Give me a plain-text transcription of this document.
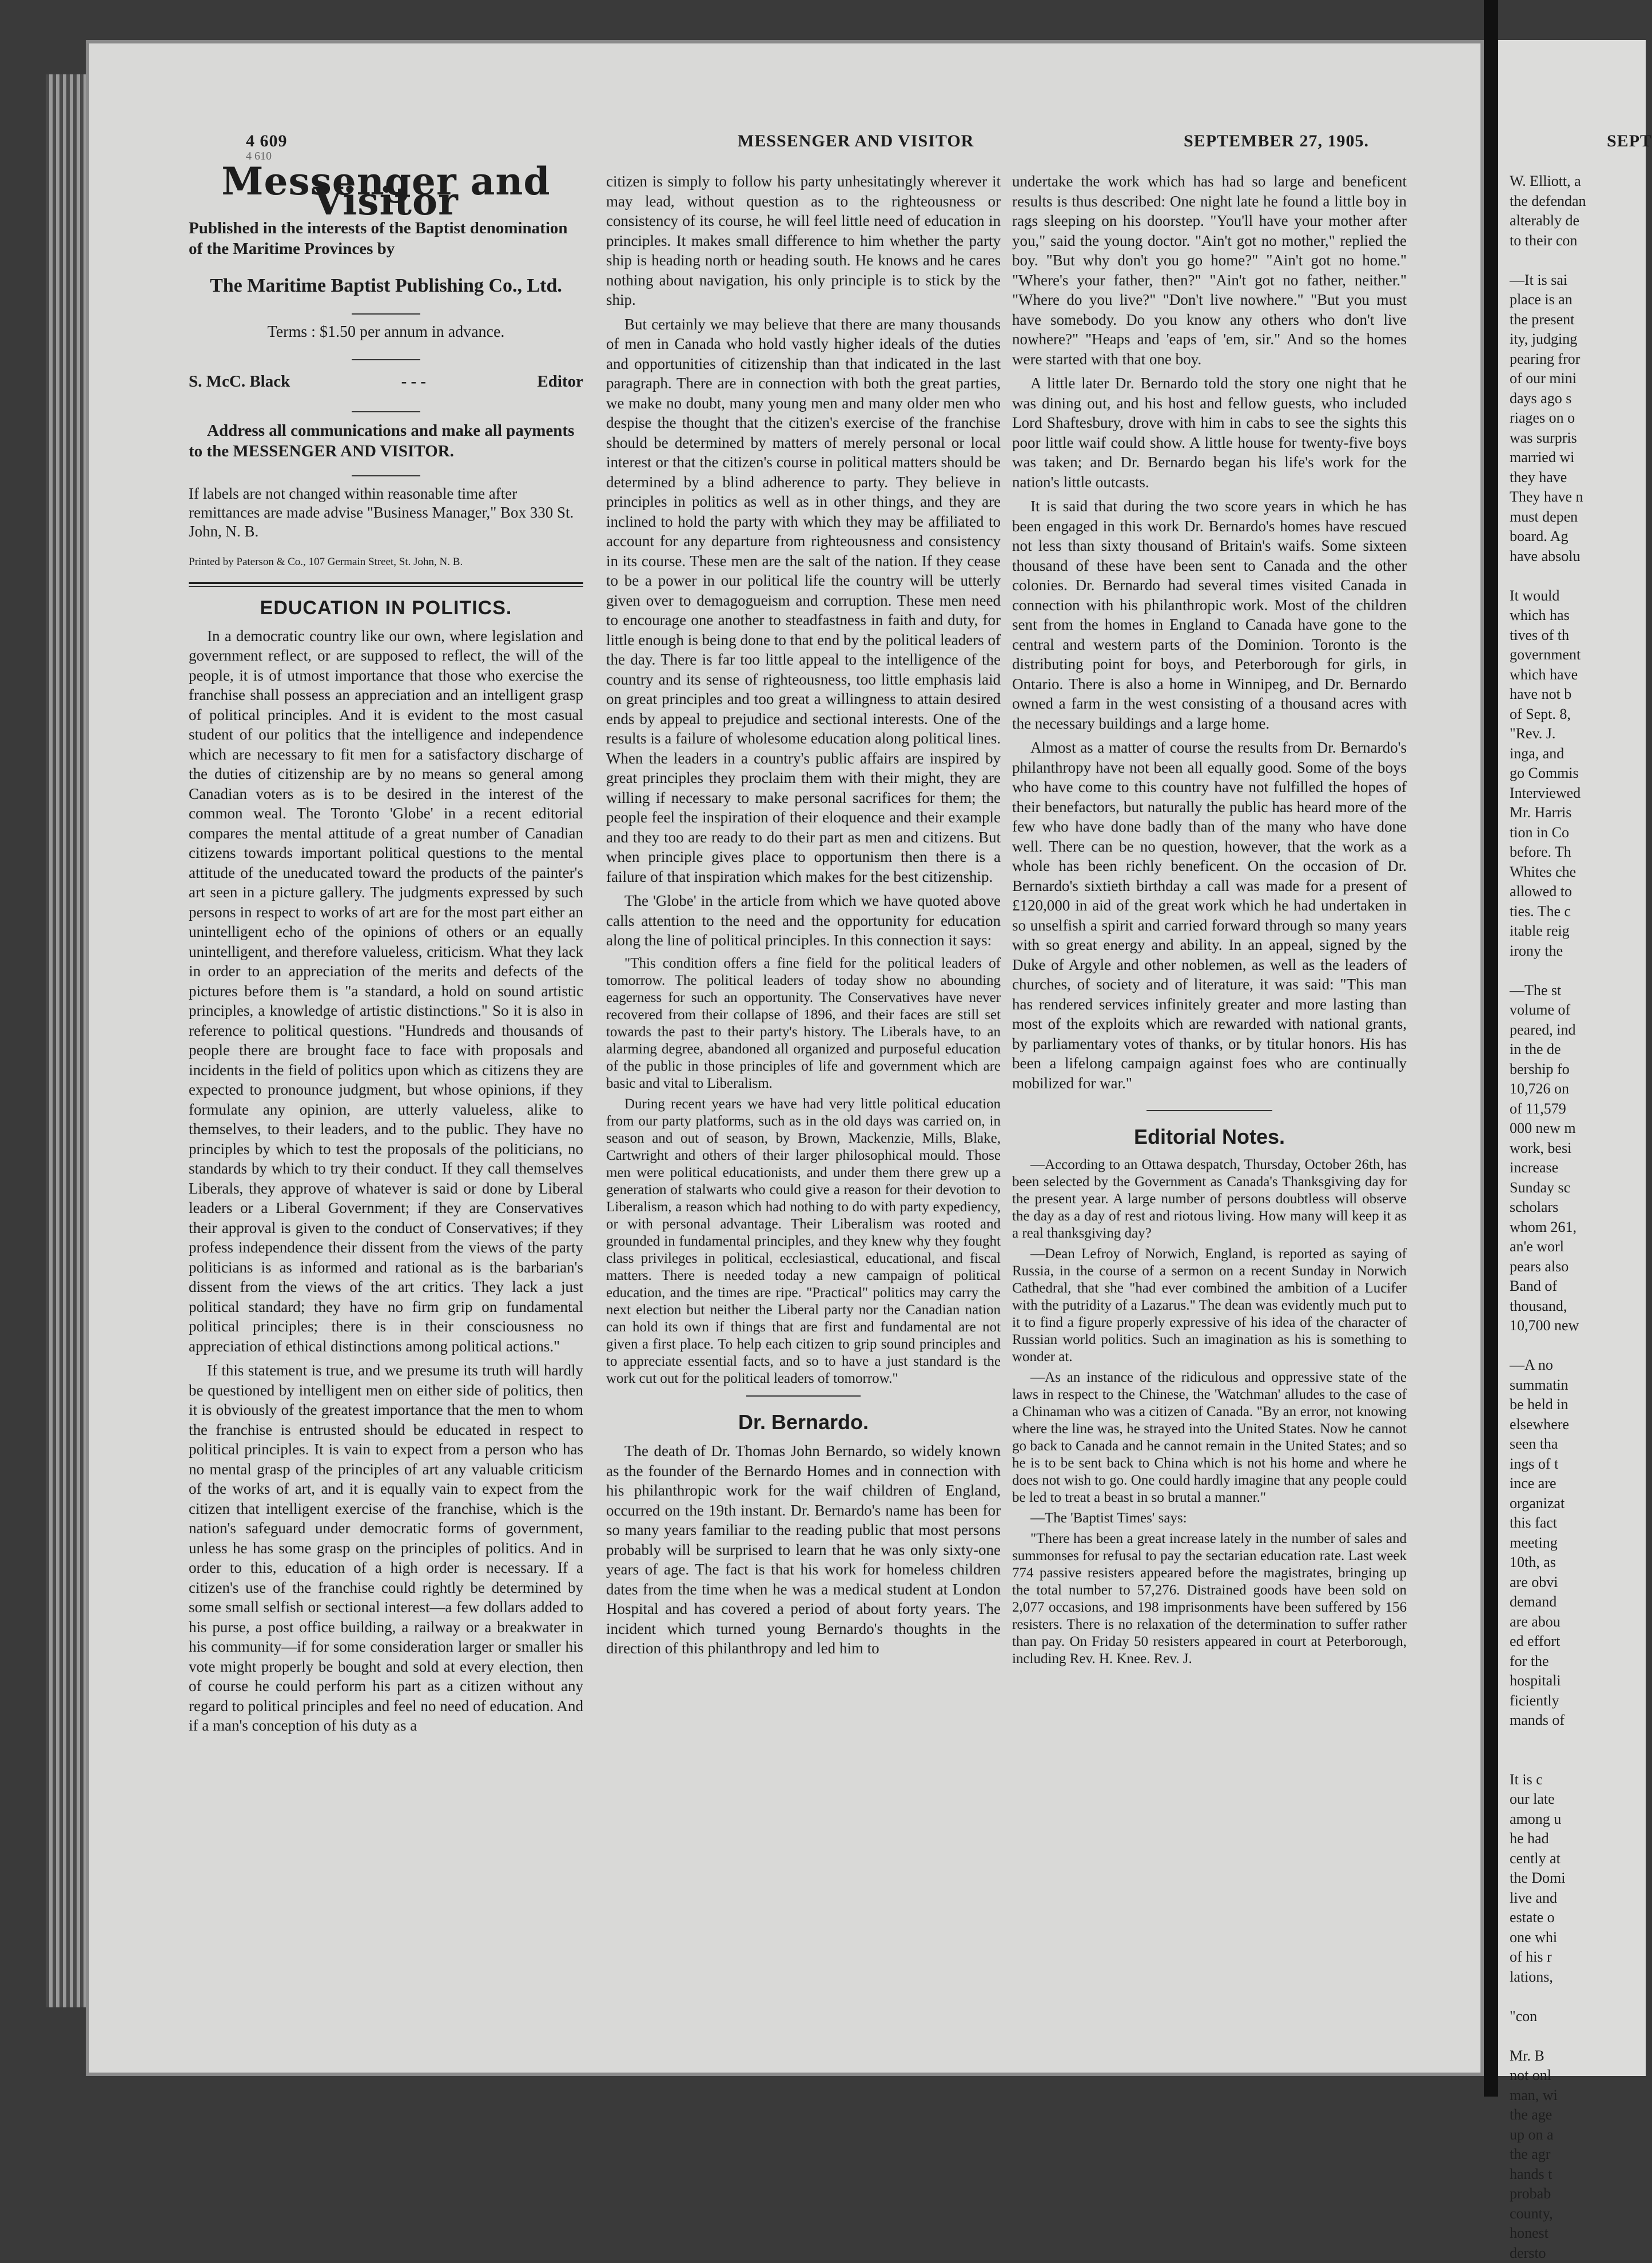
4 609	MESSENGER AND VISITOR	SEPTEMBER 27, 1905.	SEPT
4 610
Messenger and Visitor
Published in the interests of the Baptist denomination of the Maritime Provinces by
The Maritime Baptist Publishing Co., Ltd.
Terms : $1.50 per annum in advance.
S. McC. Black	- - -	Editor
Address all communications and make all payments to the MESSENGER AND VISITOR.
If labels are not changed within reasonable time after remittances are made advise "Business Manager," Box 330 St. John, N. B.
Printed by Paterson & Co., 107 Germain Street, St. John, N. B.
EDUCATION IN POLITICS.

In a democratic country like our own, where legislation and government reflect, or are supposed to reflect, the will of the people, it is of utmost importance that those who exercise the franchise shall possess an appreciation and an intelligent grasp of political principles. And it is evident to the most casual student of our politics that the intelligence and independence which are necessary to fit men for a satisfactory discharge of the duties of citizenship are by no means so general among Canadian voters as is to be desired in the interest of the common weal. The Toronto 'Globe' in a recent editorial compares the mental attitude of a great number of Canadian citizens towards important political questions to the mental attitude of the uneducated toward the products of the painter's art seen in a picture gallery. The judgments expressed by such persons in respect to works of art are for the most part either an unintelligent echo of the opinions of others or an equally unintelligent, and therefore valueless, criticism. What they lack in order to an appreciation of the merits and defects of the pictures before them is "a standard, a hold on sound artistic principles, a knowledge of artistic distinctions." So it is also in reference to political questions. "Hundreds and thousands of people there are brought face to face with proposals and incidents in the field of politics upon which as citizens they are expected to pronounce judgment, but whose opinions, if they formulate any opinion, are utterly valueless, alike to themselves, to their leaders, and to the public. They have no principles by which to test the proposals of the politicians, no standards by which to try their conduct. If they call themselves Liberals, they approve of whatever is said or done by Liberal leaders or a Liberal Government; if they are Conservatives their approval is given to the conduct of Conservatives; if they profess independence their dissent from the views of the party politicians is as informed and rational as is the barbarian's dissent from the views of the art critics. They lack a just political standard; they have no firm grip on fundamental political principles; there is in their consciousness no appreciation of ethical distinctions among political actions."

If this statement is true, and we presume its truth will hardly be questioned by intelligent men on either side of politics, then it is obviously of the greatest importance that the men to whom the franchise is entrusted should be educated in respect to political principles. It is vain to expect from a person who has no mental grasp of the principles of art any valuable criticism of the works of art, and it is equally vain to expect from the citizen that intelligent exercise of the franchise, which is the nation's safeguard under democratic forms of government, unless he has some grasp on the principles of politics. And in order to this, education of a high order is necessary. If a citizen's use of the franchise could rightly be determined by some small selfish or sectional interest—a few dollars added to his purse, a post office building, a railway or a breakwater in his community—if for some consideration larger or smaller his vote might properly be bought and sold at every election, then of course he could perform his part as a citizen without any regard to political principles and feel no need of education. And if a man's conception of his duty as a

citizen is simply to follow his party unhesitatingly wherever it may lead, without question as to the righteousness or consistency of its course, he will feel little need of education in principles. It makes small difference to him whether the party ship is heading north or heading south. He knows and he cares nothing about navigation, his only principle is to stick by the ship.

But certainly we may believe that there are many thousands of men in Canada who hold vastly higher ideals of the duties and opportunities of citizenship than that indicated in the last paragraph. There are in connection with both the great parties, we make no doubt, many young men and many older men who despise the thought that the citizen's exercise of the franchise should be determined by matters of merely personal or local interest or that the citizen's course in political matters should be determined by a blind adherence to party. They believe in principles in politics as well as in other things, and they are inclined to hold the party with which they may be affiliated to account for any departure from righteousness and consistency in its course. These men are the salt of the nation. If they cease to be a power in our political life the country will be utterly given over to demagogueism and corruption. These men need to encourage one another to steadfastness in faith and duty, for little enough is being done to that end by the political leaders of the day. There is far too little appeal to the intelligence of the country and its sense of righteousness, too little emphasis laid on great principles and too great a willingness to attain desired ends by appeal to prejudice and sectional interests. One of the results is a failure of wholesome education along political lines. When the leaders in a country's public affairs are inspired by great principles they proclaim them with their might, they are willing if necessary to make personal sacrifices for them; the people feel the inspiration of their eloquence and their example and they too are ready to do their part as men and citizens. But when principle gives place to opportunism then there is a failure of that inspiration which makes for the best citizenship.

The 'Globe' in the article from which we have quoted above calls attention to the need and the opportunity for education along the line of political principles. In this connection it says:

"This condition offers a fine field for the political leaders of tomorrow. The political leaders of today show no abounding eagerness for such an opportunity. The Conservatives have never recovered from their collapse of 1896, and their faces are still set towards the past to their party's history. The Liberals have, to an alarming degree, abandoned all organized and purposeful education of the public in those principles of life and government which are basic and vital to Liberalism.

During recent years we have had very little political education from our party platforms, such as in the old days was carried on, in season and out of season, by Brown, Mackenzie, Mills, Blake, Cartwright and others of their larger philosophical mould. Those men were political educationists, and under them there grew up a generation of stalwarts who could give a reason for their devotion to Liberalism, a reason which had nothing to do with party expediency, or with personal advantage. Their Liberalism was rooted and grounded in fundamental principles, and they knew why they fought class privileges in political, ecclesiastical, educational, and fiscal matters. There is needed today a new campaign of political education, and the times are ripe. "Practical" politics may carry the next election but neither the Liberal party nor the Canadian nation can hold its own if things that are first and fundamental are not given a first place. To help each citizen to grip sound principles and to appreciate essential facts, and so to have a just standard is the work cut out for the political leaders of tomorrow."

Dr. Bernardo.

The death of Dr. Thomas John Bernardo, so widely known as the founder of the Bernardo Homes and in connection with his philanthropic work for the waif children of England, occurred on the 19th instant. Dr. Bernardo's name has been for so many years familiar to the reading public that most persons probably will be surprised to learn that he was only sixty-one years of age. The fact is that his work for homeless children dates from the time when he was a medical student at London Hospital and has covered a period of about forty years. The incident which turned young Bernardo's thoughts in the direction of this philanthropy and led him to

undertake the work which has had so large and beneficent results is thus described: One night late he found a little boy in rags sleeping on his doorstep. "You'll have your mother after you," said the young doctor. "Ain't got no mother," replied the boy. "But why don't you go home?" "Ain't got no home." "Where's your father, then?" "Ain't got no father, neither." "Where do you live?" "Don't live nowhere." "But you must have somebody. Do you know any others who don't live nowhere?" "Heaps and 'eaps of 'em, sir." And so the homes were started with that one boy.

A little later Dr. Bernardo told the story one night that he was dining out, and his host and fellow guests, who included Lord Shaftesbury, drove with him in cabs to see the sights this poor little waif could show. A little house for twenty-five boys was taken; and Dr. Bernardo began his life's work for the nation's little outcasts.

It is said that during the two score years in which he has been engaged in this work Dr. Bernardo's homes have rescued not less than sixty thousand of Britain's waifs. Some sixteen thousand of these have been sent to Canada and the other colonies. Dr. Bernardo had several times visited Canada in connection with his philanthropic work. Most of the children sent from the homes in England to Canada have gone to the central and western parts of the Dominion. Toronto is the distributing point for boys, and Peterborough for girls, in Ontario. There is also a home in Winnipeg, and Dr. Bernardo owned a farm in the west consisting of a thousand acres with the necessary buildings and a large home.

Almost as a matter of course the results from Dr. Bernardo's philanthropy have not been all equally good. Some of the boys who have come to this country have not fulfilled the hopes of their benefactors, but naturally the public has heard more of the few who have done badly than of the many who have done well. There can be no question, however, that the work as a whole has been richly beneficent. On the occasion of Dr. Bernardo's sixtieth birthday a call was made for a present of £120,000 in aid of the great work which he had undertaken in so unselfish a spirit and carried forward through so many years with so great energy and ability. In an appeal, signed by the Duke of Argyle and other noblemen, as well as the leaders of churches, of society and of literature, it was said: "This man has rendered services infinitely greater and more lasting than most of the exploits which are rewarded with national grants, by parliamentary votes of thanks, or by titular honors. His has been a lifelong campaign against foes who are continually mobilized for war."

Editorial Notes.

—According to an Ottawa despatch, Thursday, October 26th, has been selected by the Government as Canada's Thanksgiving day for the present year. A large number of persons doubtless will observe the day as a day of rest and riotous living. How many will keep it as a real thanksgiving day?

—Dean Lefroy of Norwich, England, is reported as saying of Russia, in the course of a sermon on a recent Sunday in Norwich Cathedral, that she "had ever combined the ambition of a Lucifer with the putridity of a Lazarus." The dean was evidently much put to it to find a figure properly expressive of his idea of the character of Russian world politics. Such an imagination as his is something to wonder at.

—As an instance of the ridiculous and oppressive state of the laws in respect to the Chinese, the 'Watchman' alludes to the case of a Chinaman who was a citizen of Canada. "By an error, not knowing where the line was, he strayed into the United States. Now he cannot go back to Canada and he cannot remain in the United States; and so he is to be sent back to China which is not his home and where he does not wish to go. One could hardly imagine that any people could be led to treat a beast in so brutal a manner."

—The 'Baptist Times' says:

"There has been a great increase lately in the number of sales and summonses for refusal to pay the sectarian education rate. Last week 774 passive resisters appeared before the magistrates, bringing up the total number to 57,276. Distrained goods have been sold on 2,077 occasions, and 198 imprisonments have been suffered by 156 resisters. There is no relaxation of the determination to suffer rather than pay. On Friday 50 resisters appeared in court at Peterborough, including Rev. H. Knee. Rev. J.

W. Elliott, a
the defendan
alterably de
to their con
—It is sai
place is an
the present
ity, judging
pearing fror
of our mini
days ago s
riages on o
was surpris
married wi
they have
They have n
must depen
board. Ag
have absolu
It would
which has
tives of th
government
which have
have not b
of Sept. 8,
"Rev. J.
inga, and
go Commis
Interviewed
Mr. Harris
tion in Co
before. Th
Whites che
allowed to
ties. The c
itable reig
irony the
—The st
volume of
peared, ind
in the de
bership fo
10,726 on
of 11,579
000 new m
work, besi
increase
Sunday sc
scholars
whom 261,
an'e worl
pears also
Band of
thousand,
10,700 new
—A no
summatin
be held in
elsewhere
seen tha
ings of t
ince are
organizat
this fact
meeting
10th, as
are obvi
demand
are abou
ed effort
for the
hospitali
ficiently
mands of
It is c
our late
among u
he had
cently at
the Domi
live and
estate o
one whi
of his r
lations,
"con
Mr. B
not onl
man, wi
the age
up on a
the agr
hands t
probab
county,
honest
dersto
